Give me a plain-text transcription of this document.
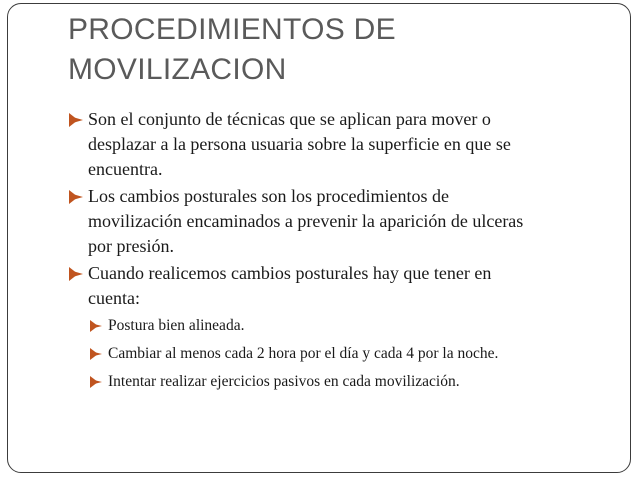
PROCEDIMIENTOS DE
MOVILIZACION
Son el conjunto de técnicas que se aplican para mover o
desplazar a la persona usuaria sobre la superficie en que se
encuentra.
Los cambios posturales son los procedimientos de
movilización encaminados a prevenir la aparición de ulceras
por presión.
Cuando realicemos cambios posturales hay que tener en
cuenta:
Postura bien alineada.
Cambiar al menos cada 2 hora por el día y cada 4 por la noche.
Intentar realizar ejercicios pasivos en cada movilización.
